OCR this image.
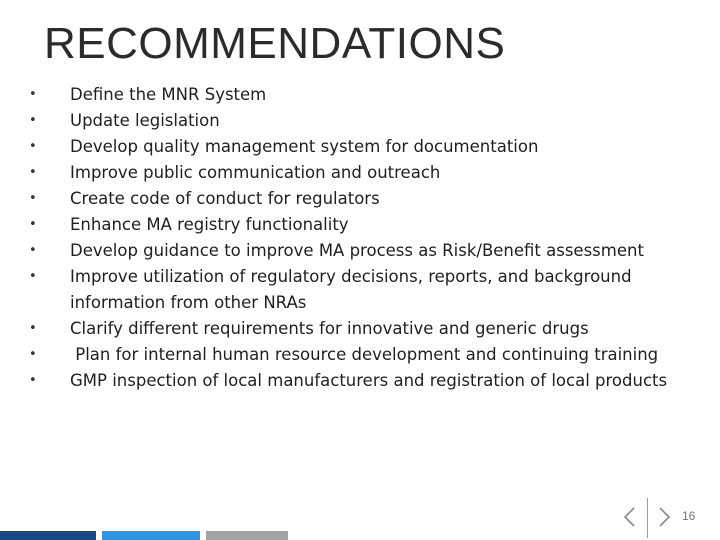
RECOMMENDATIONS
• Define the MNR System
• Update legislation
• Develop quality management system for documentation
• Improve public communication and outreach
• Create code of conduct for regulators
• Enhance MA registry functionality
• Develop guidance to improve MA process as Risk/Benefit assessment
• Improve utilization of regulatory decisions, reports, and background information from other NRAs
• Clarify different requirements for innovative and generic drugs
• Plan for internal human resource development and continuing training
• GMP inspection of local manufacturers and registration of local products
16
